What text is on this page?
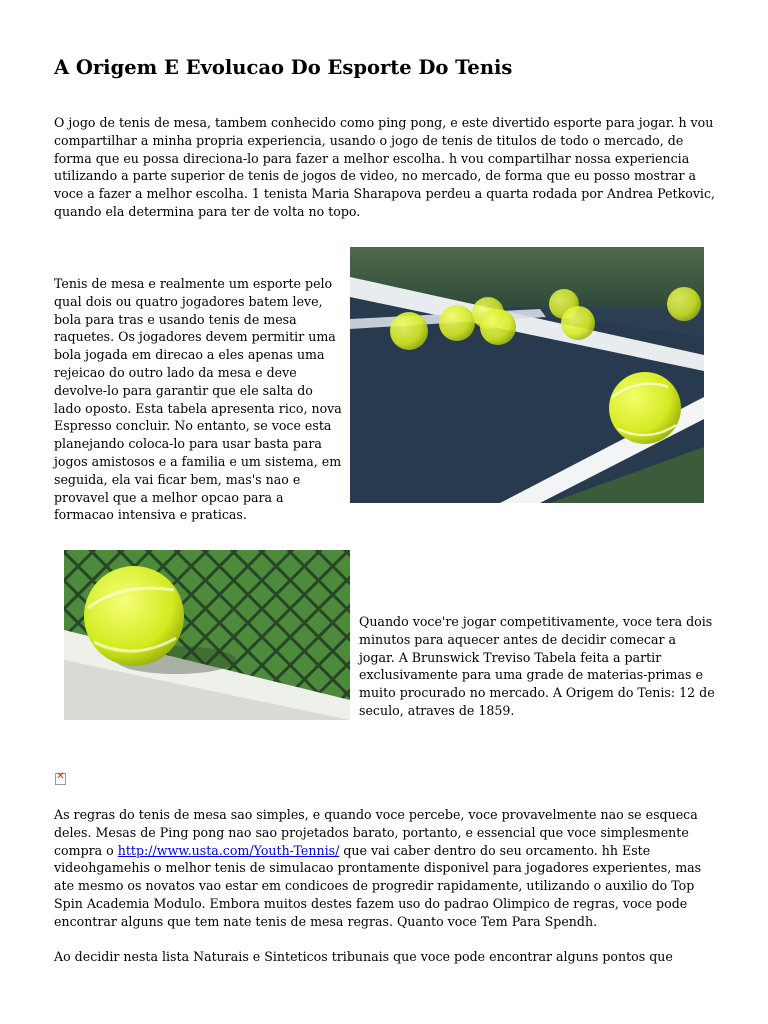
A Origem E Evolucao Do Esporte Do Tenis

O jogo de tenis de mesa, tambem conhecido como ping pong, e este divertido esporte para jogar. h vou compartilhar a minha propria experiencia, usando o jogo de tenis de titulos de todo o mercado, de forma que eu possa direciona-lo para fazer a melhor escolha. h vou compartilhar nossa experiencia utilizando a parte superior de tenis de jogos de video, no mercado, de forma que eu posso mostrar a voce a fazer a melhor escolha. 1 tenista Maria Sharapova perdeu a quarta rodada por Andrea Petkovic, quando ela determina para ter de volta no topo.

Tenis de mesa e realmente um esporte pelo qual dois ou quatro jogadores batem leve, bola para tras e usando tenis de mesa raquetes. Os jogadores devem permitir uma bola jogada em direcao a eles apenas uma rejeicao do outro lado da mesa e deve devolve-lo para garantir que ele salta do lado oposto. Esta tabela apresenta rico, nova Espresso concluir. No entanto, se voce esta planejando coloca-lo para usar basta para jogos amistosos e a familia e um sistema, em seguida, ela vai ficar bem, mas's nao e provavel que a melhor opcao para a formacao intensiva e praticas.

Quando voce're jogar competitivamente, voce tera dois minutos para aquecer antes de decidir comecar a jogar. A Brunswick Treviso Tabela feita a partir exclusivamente para uma grade de materias-primas e muito procurado no mercado. A Origem do Tenis: 12 de seculo, atraves de 1859.

✕

As regras do tenis de mesa sao simples, e quando voce percebe, voce provavelmente nao se esqueca deles. Mesas de Ping pong nao sao projetados barato, portanto, e essencial que voce simplesmente compra o http://www.usta.com/Youth-Tennis/ que vai caber dentro do seu orcamento. hh Este videohgamehis o melhor tenis de simulacao prontamente disponivel para jogadores experientes, mas ate mesmo os novatos vao estar em condicoes de progredir rapidamente, utilizando o auxilio do Top Spin Academia Modulo. Embora muitos destes fazem uso do padrao Olimpico de regras, voce pode encontrar alguns que tem nate tenis de mesa regras. Quanto voce Tem Para Spendh.

Ao decidir nesta lista Naturais e Sinteticos tribunais que voce pode encontrar alguns pontos que
